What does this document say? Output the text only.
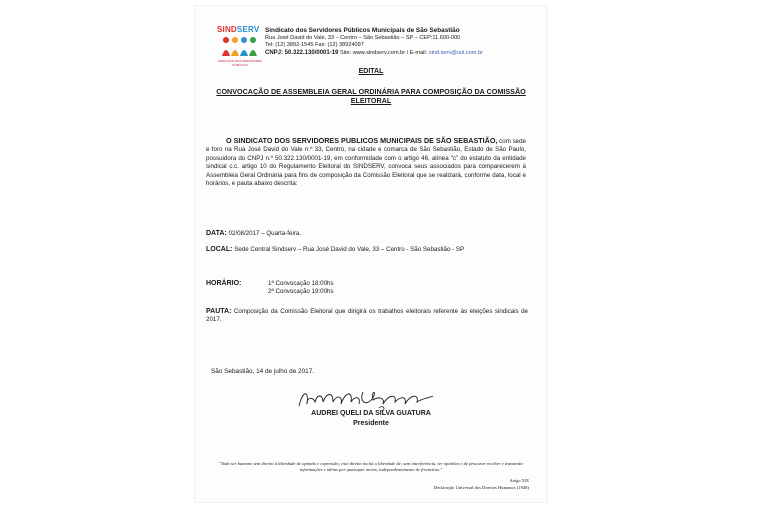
SINDSERV
SINDICATO DOS SERVIDORES PÚBLICOS
Sindicato dos Servidores Públicos Municipais de São Sebastião
Rua José David do Vale, 33 – Centro – São Sebastião – SP – CEP:11.600-000
Tel: (12) 3892-1545 Fax: (12) 38924097
CNPJ: 50.322.130/0001-19 Site: www.sindserv.com.br / E-mail: sind.serv@uol.com.br
EDITAL
CONVOCAÇÃO DE ASSEMBLEIA GERAL ORDINÁRIA PARA COMPOSIÇÃO DA COMISSÃO ELEITORAL
O SINDICATO DOS SERVIDORES PUBLICOS MUNICIPAIS DE SÃO SEBASTIÃO, com sede e foro na Rua José David do Vale n.º 33, Centro, na cidade e comarca de São Sebastião, Estado de São Paulo, possuidora do CNPJ n.º 50.322.130/0001-19, em conformidade com o artigo 46, alínea "c" do estatuto da entidade sindical c.c. artigo 10 do Regulamento Eleitoral do SINDSERV, convoca seus associados para comparecerem à Assembleia Geral Ordinária para fins de composição da Comissão Eleitoral que se realizará, conforme data, local e horários, e pauta abaixo descrita:
DATA: 02/08/2017 – Quarta-feira.
LOCAL: Sede Central Sindserv – Rua José David do Vale, 33 – Centro - São Sebastião - SP
HORÁRIO:	1ª Convocação 18:00hs
2ª Convocação 19:00hs
PAUTA: Composição da Comissão Eleitoral que dirigirá os trabalhos eleitorais referente às eleições sindicais de 2017.
São Sebastião, 14 de julho de 2017.
AUDREI QUELI DA SILVA GUATURA
Presidente
"Todo ser humano tem direito à liberdade de opinião e expressão; este direito inclui a liberdade de, sem interferência, ter opiniões e de procurar receber e transmitir informações e idéias por quaisquer meios, independentemente de fronteiras."
Artigo XIX
Declaração Universal dos Direitos Humanos (1948)
